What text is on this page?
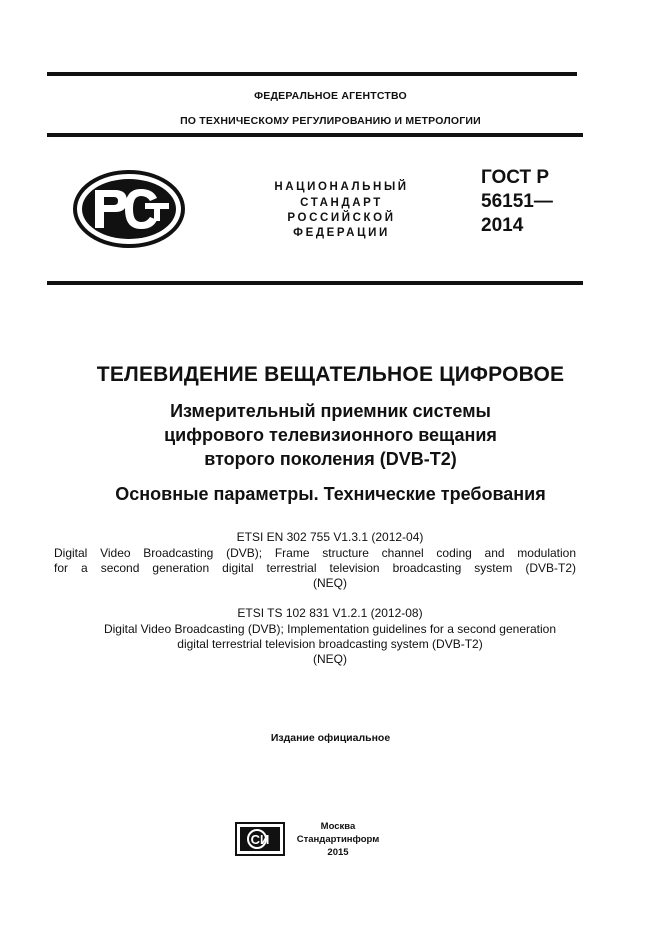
ФЕДЕРАЛЬНОЕ АГЕНТСТВО
ПО ТЕХНИЧЕСКОМУ РЕГУЛИРОВАНИЮ И МЕТРОЛОГИИ
НАЦИОНАЛЬНЫЙ
СТАНДАРТ
РОССИЙСКОЙ
ФЕДЕРАЦИИ
ГОСТ Р
56151—
2014
ТЕЛЕВИДЕНИЕ ВЕЩАТЕЛЬНОЕ ЦИФРОВОЕ
Измерительный приемник системы
цифрового телевизионного вещания
второго поколения (DVB-T2)
Основные параметры. Технические требования
ETSI EN 302 755 V1.3.1 (2012-04)
Digital Video Broadcasting (DVB); Frame structure channel coding and modulation
for a second generation digital terrestrial television broadcasting system (DVB-T2)
(NEQ)
ETSI TS 102 831 V1.2.1 (2012-08)
Digital Video Broadcasting (DVB); Implementation guidelines for a second generation
digital terrestrial television broadcasting system (DVB-T2)
(NEQ)
Издание официальное
СИ
Москва
Стандартинформ
2015
